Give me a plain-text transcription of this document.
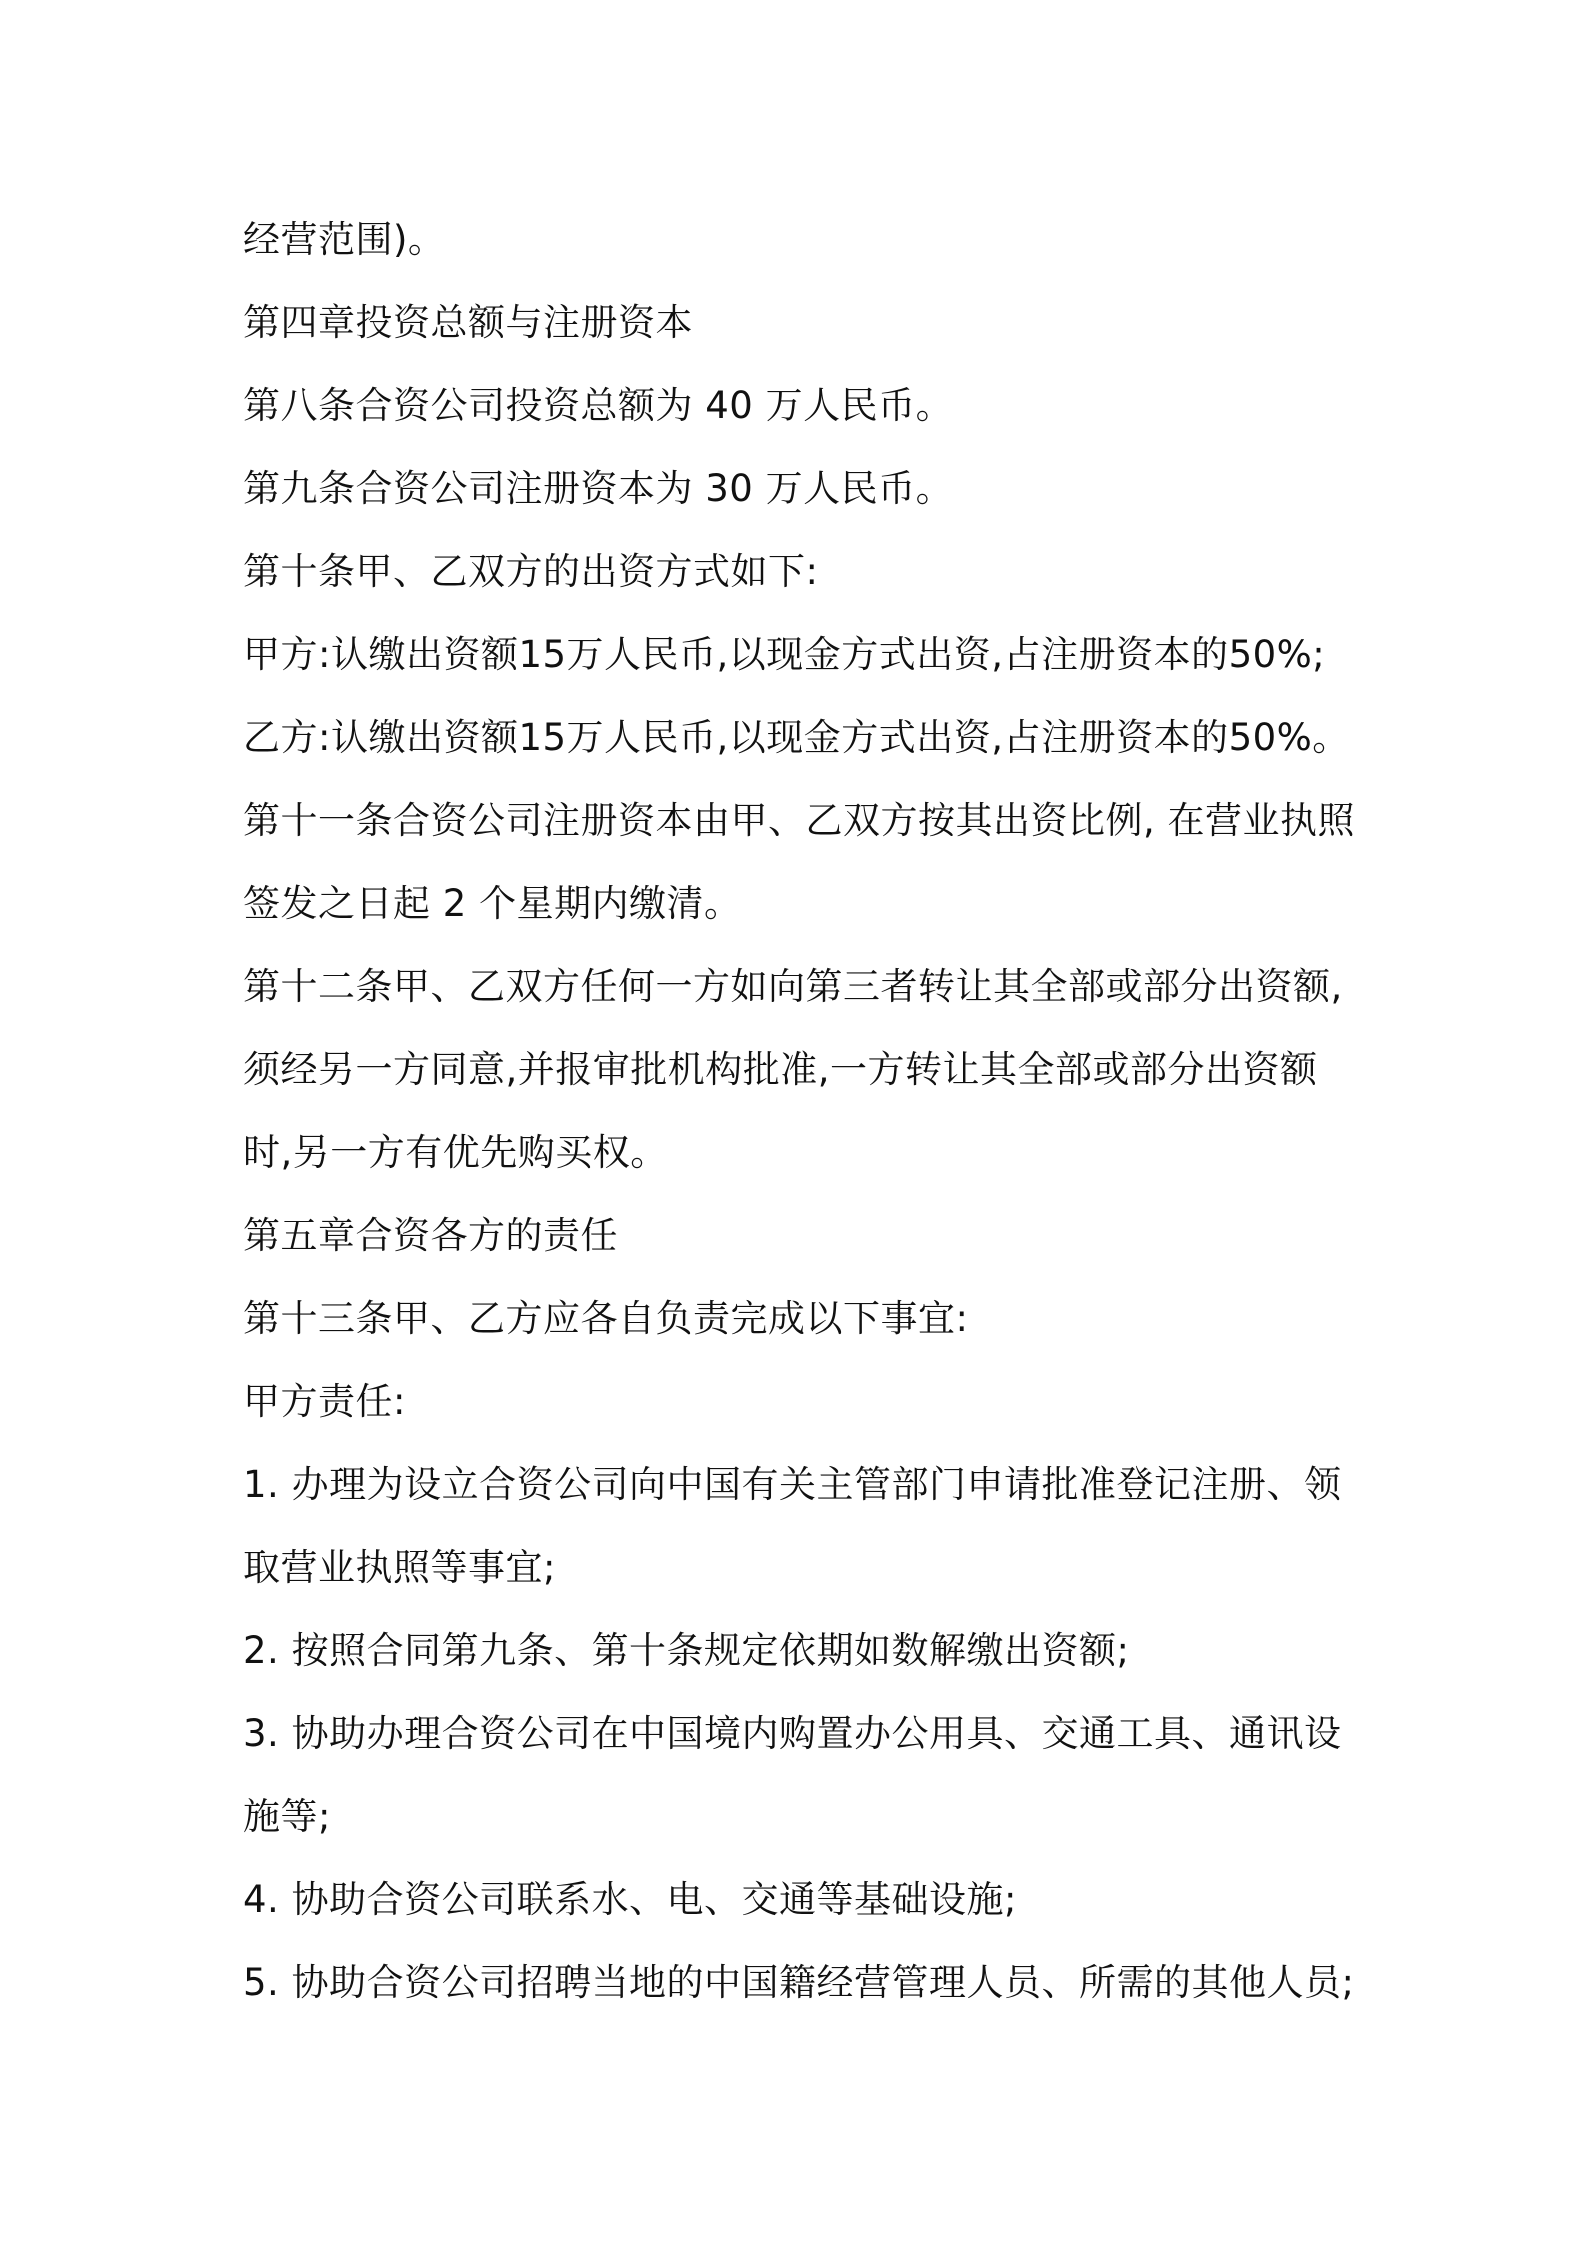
经营范围)。
第四章投资总额与注册资本
第八条合资公司投资总额为 40 万人民币。
第九条合资公司注册资本为 30 万人民币。
第十条甲、乙双方的出资方式如下:
甲方:认缴出资额15万人民币,以现金方式出资,占注册资本的50%;
乙方:认缴出资额15万人民币,以现金方式出资,占注册资本的50%。
第十一条合资公司注册资本由甲、乙双方按其出资比例, 在营业执照
签发之日起 2 个星期内缴清。
第十二条甲、乙双方任何一方如向第三者转让其全部或部分出资额,
须经另一方同意,并报审批机构批准,一方转让其全部或部分出资额
时,另一方有优先购买权。
第五章合资各方的责任
第十三条甲、乙方应各自负责完成以下事宜:
甲方责任:
1. 办理为设立合资公司向中国有关主管部门申请批准登记注册、领
取营业执照等事宜;
2. 按照合同第九条、第十条规定依期如数解缴出资额;
3. 协助办理合资公司在中国境内购置办公用具、交通工具、通讯设
施等;
4. 协助合资公司联系水、电、交通等基础设施;
5. 协助合资公司招聘当地的中国籍经营管理人员、所需的其他人员;
